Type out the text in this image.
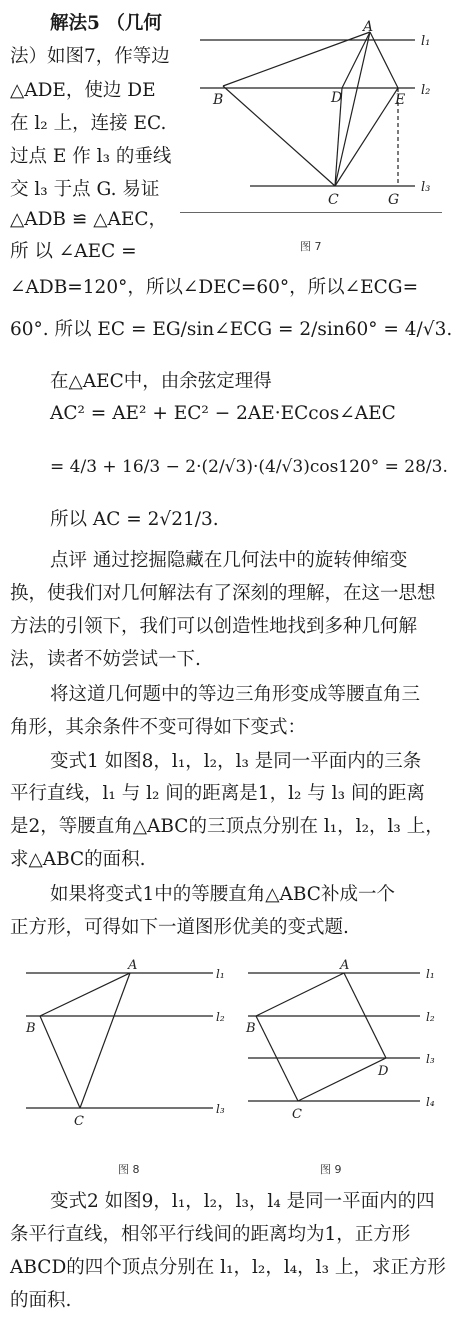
解法5 （几何
法）如图7，作等边
△ADE，使边 DE
在 l₂ 上，连接 EC.
过点 E 作 l₃ 的垂线
交 l₃ 于点 G. 易证
△ADB ≌ △AEC，
所 以 ∠AEC =
∠ADB=120°，所以∠DEC=60°，所以∠ECG=
60°. 所以 EC = EG/sin∠ECG = 2/sin60° = 4/√3.
A
B	D	E
C	G
l₁
l₂
l₃
图 7
在△AEC中，由余弦定理得
AC² = AE² + EC² − 2AE·ECcos∠AEC
= 4/3 + 16/3 − 2·(2/√3)·(4/√3)cos120° = 28/3.
所以 AC = 2√21/3.
点评 通过挖掘隐藏在几何法中的旋转伸缩变
换，使我们对几何解法有了深刻的理解，在这一思想
方法的引领下，我们可以创造性地找到多种几何解
法，读者不妨尝试一下.
将这道几何题中的等边三角形变成等腰直角三
角形，其余条件不变可得如下变式：
变式1 如图8，l₁，l₂，l₃ 是同一平面内的三条
平行直线，l₁ 与 l₂ 间的距离是1，l₂ 与 l₃ 间的距离
是2，等腰直角△ABC的三顶点分别在 l₁，l₂，l₃ 上，
求△ABC的面积.
如果将变式1中的等腰直角△ABC补成一个
正方形，可得如下一道图形优美的变式题.
A
B
C
l₁
l₂
l₃
图 8
A
B
D
C
l₁
l₂
l₃
l₄
图 9
变式2 如图9，l₁，l₂，l₃，l₄ 是同一平面内的四
条平行直线，相邻平行线间的距离均为1，正方形
ABCD的四个顶点分别在 l₁，l₂，l₄，l₃ 上，求正方形
的面积.
